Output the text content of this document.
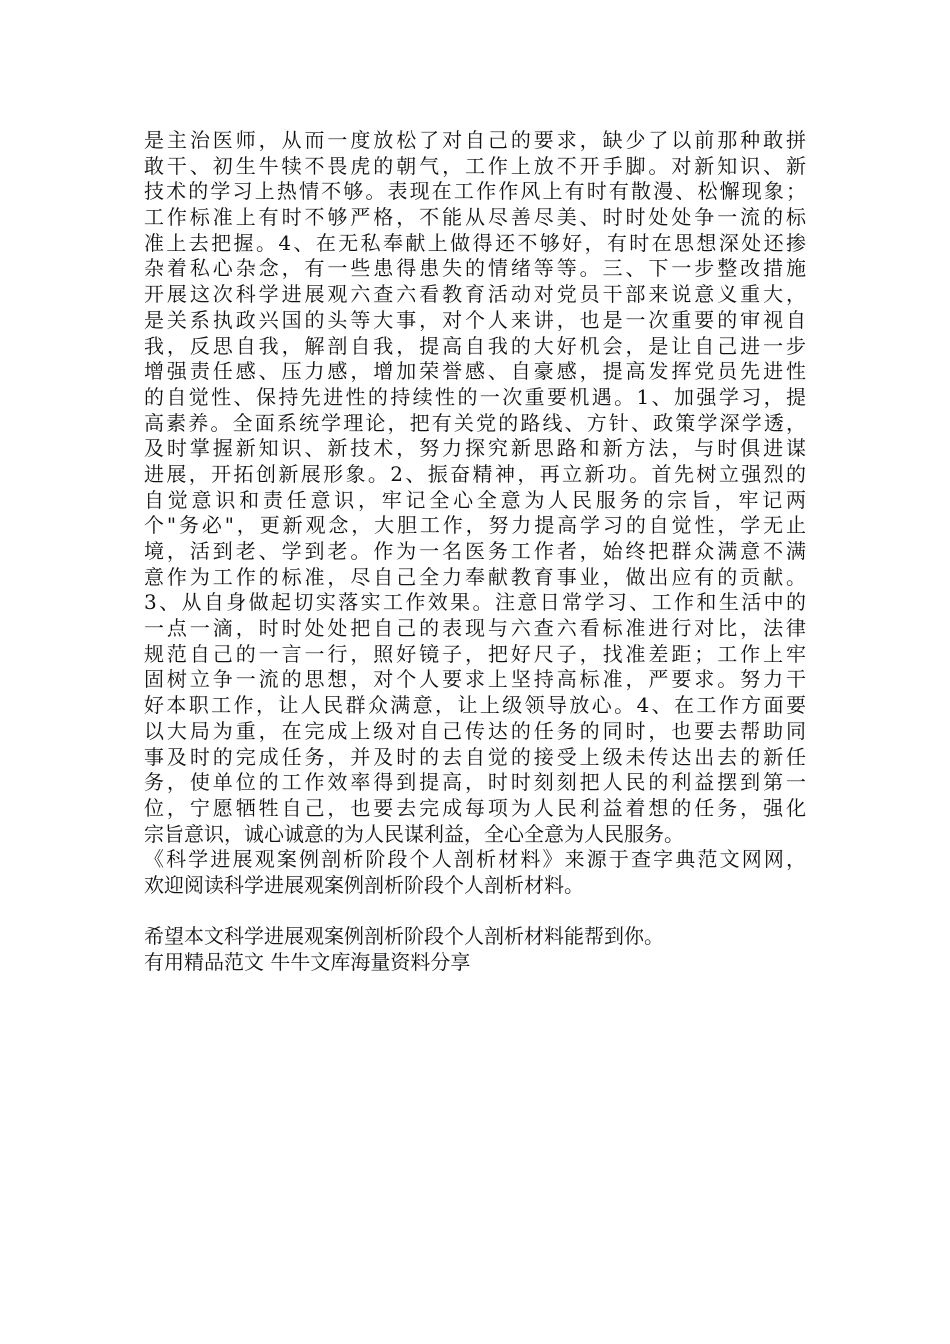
是主治医师，从而一度放松了对自己的要求，缺少了以前那种敢拼
敢干、初生牛犊不畏虎的朝气，工作上放不开手脚。对新知识、新
技术的学习上热情不够。表现在工作作风上有时有散漫、松懈现象；
工作标准上有时不够严格，不能从尽善尽美、时时处处争一流的标
准上去把握。4、在无私奉献上做得还不够好，有时在思想深处还掺
杂着私心杂念，有一些患得患失的情绪等等。三、下一步整改措施
开展这次科学进展观六查六看教育活动对党员干部来说意义重大，
是关系执政兴国的头等大事，对个人来讲，也是一次重要的审视自
我，反思自我，解剖自我，提高自我的大好机会，是让自己进一步
增强责任感、压力感，增加荣誉感、自豪感，提高发挥党员先进性
的自觉性、保持先进性的持续性的一次重要机遇。1、加强学习，提
高素养。全面系统学理论，把有关党的路线、方针、政策学深学透，
及时掌握新知识、新技术，努力探究新思路和新方法，与时俱进谋
进展，开拓创新展形象。2、振奋精神，再立新功。首先树立强烈的
自觉意识和责任意识，牢记全心全意为人民服务的宗旨，牢记两
个"务必"，更新观念，大胆工作，努力提高学习的自觉性，学无止
境，活到老、学到老。作为一名医务工作者，始终把群众满意不满
意作为工作的标准，尽自己全力奉献教育事业，做出应有的贡献。
3、从自身做起切实落实工作效果。注意日常学习、工作和生活中的
一点一滴，时时处处把自己的表现与六查六看标准进行对比，法律
规范自己的一言一行，照好镜子，把好尺子，找准差距；工作上牢
固树立争一流的思想，对个人要求上坚持高标准，严要求。努力干
好本职工作，让人民群众满意，让上级领导放心。4、在工作方面要
以大局为重，在完成上级对自己传达的任务的同时，也要去帮助同
事及时的完成任务，并及时的去自觉的接受上级未传达出去的新任
务，使单位的工作效率得到提高，时时刻刻把人民的利益摆到第一
位，宁愿牺牲自己，也要去完成每项为人民利益着想的任务，强化
宗旨意识，诚心诚意的为人民谋利益，全心全意为人民服务。
《科学进展观案例剖析阶段个人剖析材料》来源于查字典范文网网，
欢迎阅读科学进展观案例剖析阶段个人剖析材料。
希望本文科学进展观案例剖析阶段个人剖析材料能帮到你。
有用精品范文 牛牛文库海量资料分享
